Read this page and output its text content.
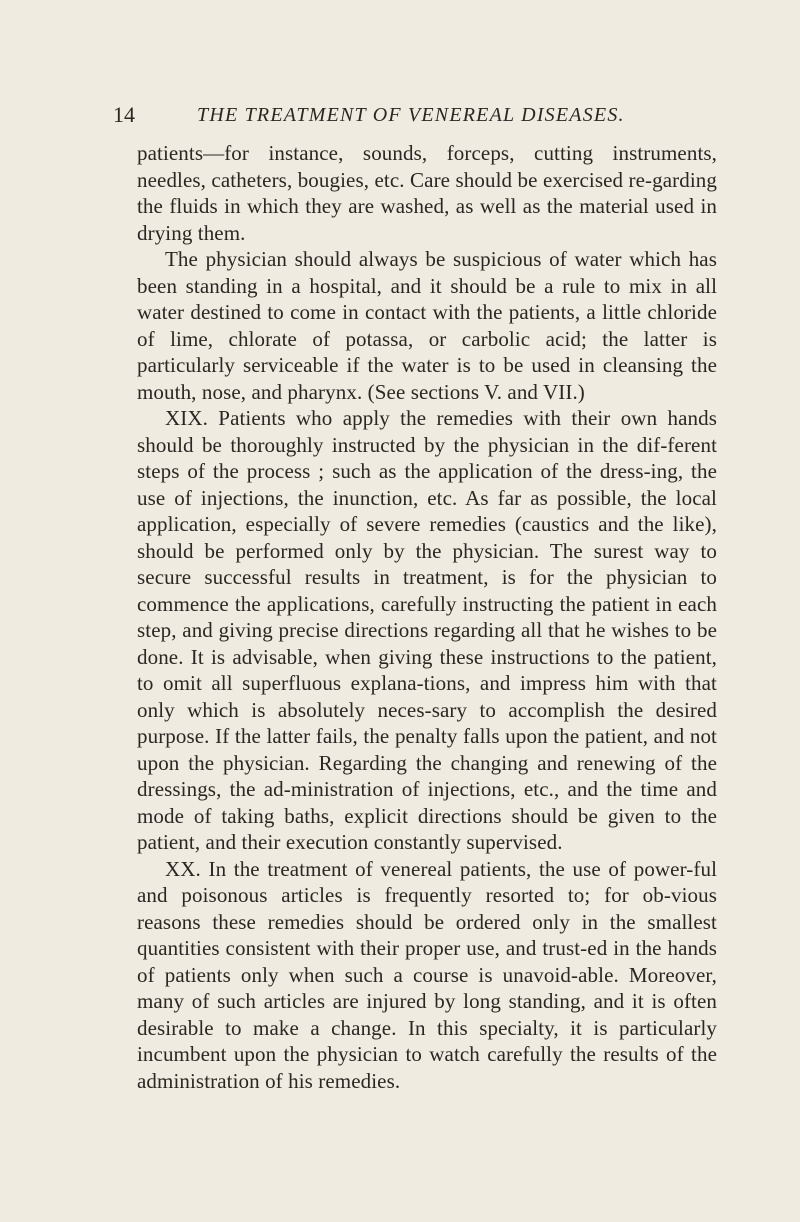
14	THE TREATMENT OF VENEREAL DISEASES.

patients—for instance, sounds, forceps, cutting instruments, needles, catheters, bougies, etc. Care should be exercised re-garding the fluids in which they are washed, as well as the material used in drying them.

The physician should always be suspicious of water which has been standing in a hospital, and it should be a rule to mix in all water destined to come in contact with the patients, a little chloride of lime, chlorate of potassa, or carbolic acid; the latter is particularly serviceable if the water is to be used in cleansing the mouth, nose, and pharynx. (See sections V. and VII.)

XIX. Patients who apply the remedies with their own hands should be thoroughly instructed by the physician in the dif-ferent steps of the process ; such as the application of the dress-ing, the use of injections, the inunction, etc. As far as possible, the local application, especially of severe remedies (caustics and the like), should be performed only by the physician. The surest way to secure successful results in treatment, is for the physician to commence the applications, carefully instructing the patient in each step, and giving precise directions regarding all that he wishes to be done. It is advisable, when giving these instructions to the patient, to omit all superfluous explana-tions, and impress him with that only which is absolutely neces-sary to accomplish the desired purpose. If the latter fails, the penalty falls upon the patient, and not upon the physician. Regarding the changing and renewing of the dressings, the ad-ministration of injections, etc., and the time and mode of taking baths, explicit directions should be given to the patient, and their execution constantly supervised.

XX. In the treatment of venereal patients, the use of power-ful and poisonous articles is frequently resorted to; for ob-vious reasons these remedies should be ordered only in the smallest quantities consistent with their proper use, and trust-ed in the hands of patients only when such a course is unavoid-able. Moreover, many of such articles are injured by long standing, and it is often desirable to make a change. In this specialty, it is particularly incumbent upon the physician to watch carefully the results of the administration of his remedies.
